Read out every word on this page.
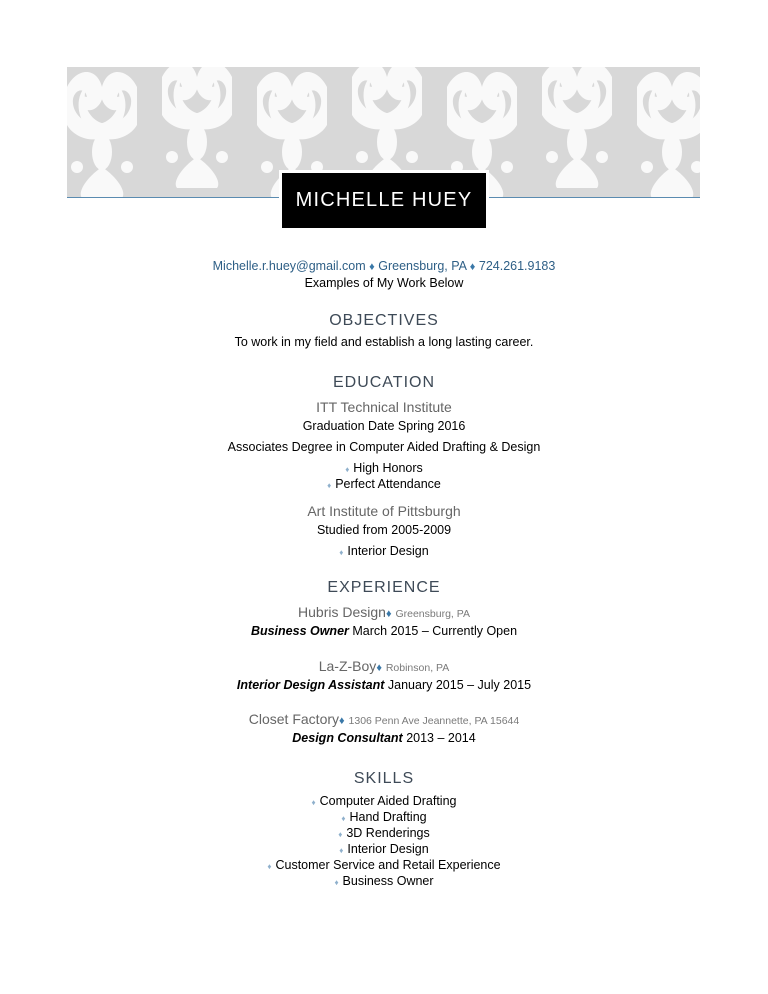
MICHELLE HUEY
Michelle.r.huey@gmail.com ♦ Greensburg, PA ♦ 724.261.9183
Examples of My Work Below
OBJECTIVES
To work in my field and establish a long lasting career.
EDUCATION
ITT Technical Institute
Graduation Date Spring 2016
Associates Degree in Computer Aided Drafting & Design
♦ High Honors
♦ Perfect Attendance
Art Institute of Pittsburgh
Studied from 2005-2009
♦ Interior Design
EXPERIENCE
Hubris Design♦ Greensburg, PA
Business Owner March 2015 – Currently Open
La-Z-Boy♦ Robinson, PA
Interior Design Assistant January 2015 – July 2015
Closet Factory♦ 1306 Penn Ave Jeannette, PA 15644
Design Consultant 2013 – 2014
SKILLS
♦ Computer Aided Drafting
♦ Hand Drafting
♦ 3D Renderings
♦ Interior Design
♦ Customer Service and Retail Experience
♦ Business Owner
